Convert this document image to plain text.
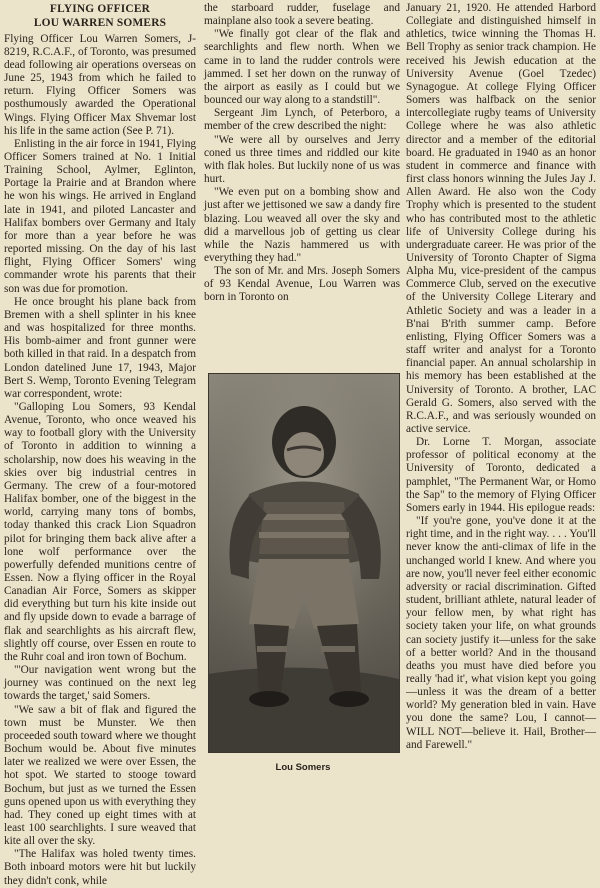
FLYING OFFICER
LOU WARREN SOMERS

Flying Officer Lou Warren Somers, J-8219, R.C.A.F., of Toronto, was presumed dead following air operations overseas on June 25, 1943 from which he failed to return. Flying Officer Somers was posthumously awarded the Operational Wings. Flying Officer Max Shvemar lost his life in the same action (See P. 71).

Enlisting in the air force in 1941, Flying Officer Somers trained at No. 1 Initial Training School, Aylmer, Eglinton, Portage la Prairie and at Brandon where he won his wings. He arrived in England late in 1941, and piloted Lancaster and Halifax bombers over Germany and Italy for more than a year before he was reported missing. On the day of his last flight, Flying Officer Somers' wing commander wrote his parents that their son was due for promotion.

He once brought his plane back from Bremen with a shell splinter in his knee and was hospitalized for three months. His bomb-aimer and front gunner were both killed in that raid. In a despatch from London datelined June 17, 1943, Major Bert S. Wemp, Toronto Evening Telegram war correspondent, wrote:

"Galloping Lou Somers, 93 Kendal Avenue, Toronto, who once weaved his way to football glory with the University of Toronto in addition to winning a scholarship, now does his weaving in the skies over big industrial centres in Germany. The crew of a four-motored Halifax bomber, one of the biggest in the world, carrying many tons of bombs, today thanked this crack Lion Squadron pilot for bringing them back alive after a lone wolf performance over the powerfully defended munitions centre of Essen. Now a flying officer in the Royal Canadian Air Force, Somers as skipper did everything but turn his kite inside out and fly upside down to evade a barrage of flak and searchlights as his aircraft flew, slightly off course, over Essen en route to the Ruhr coal and iron town of Bochum.

"'Our navigation went wrong but the journey was continued on the next leg towards the target,' said Somers.

"We saw a bit of flak and figured the town must be Munster. We then proceeded south toward where we thought Bochum would be. About five minutes later we realized we were over Essen, the hot spot. We started to stooge toward Bochum, but just as we turned the Essen guns opened upon us with everything they had. They coned up eight times with at least 100 searchlights. I sure weaved that kite all over the sky.

"The Halifax was holed twenty times. Both inboard motors were hit but luckily they didn't conk, while

the starboard rudder, fuselage and mainplane also took a severe beating.

"We finally got clear of the flak and searchlights and flew north. When we came in to land the rudder controls were jammed. I set her down on the runway of the airport as easily as I could but we bounced our way along to a standstill".

Sergeant Jim Lynch, of Peterboro, a member of the crew described the night:

"We were all by ourselves and Jerry coned us three times and riddled our kite with flak holes. But luckily none of us was hurt.

"We even put on a bombing show and just after we jettisoned we saw a dandy fire blazing. Lou weaved all over the sky and did a marvellous job of getting us clear while the Nazis hammered us with everything they had."

The son of Mr. and Mrs. Joseph Somers of 93 Kendal Avenue, Lou Warren was born in Toronto on

Lou Somers

January 21, 1920. He attended Harbord Collegiate and distinguished himself in athletics, twice winning the Thomas H. Bell Trophy as senior track champion. He received his Jewish education at the University Avenue (Goel Tzedec) Synagogue. At college Flying Officer Somers was halfback on the senior intercollegiate rugby teams of University College where he was also athletic director and a member of the editorial board. He graduated in 1940 as an honor student in commerce and finance with first class honors winning the Jules Jay J. Allen Award. He also won the Cody Trophy which is presented to the student who has contributed most to the athletic life of University College during his undergraduate career. He was prior of the University of Toronto Chapter of Sigma Alpha Mu, vice-president of the campus Commerce Club, served on the executive of the University College Literary and Athletic Society and was a leader in a B'nai B'rith summer camp. Before enlisting, Flying Officer Somers was a staff writer and analyst for a Toronto financial paper. An annual scholarship in his memory has been established at the University of Toronto. A brother, LAC Gerald G. Somers, also served with the R.C.A.F., and was seriously wounded on active service.

Dr. Lorne T. Morgan, associate professor of political economy at the University of Toronto, dedicated a pamphlet, "The Permanent War, or Homo the Sap" to the memory of Flying Officer Somers early in 1944. His epilogue reads:

"If you're gone, you've done it at the right time, and in the right way. . . . You'll never know the anti-climax of life in the unchanged world I knew. And where you are now, you'll never feel either economic adversity or racial discrimination. Gifted student, brilliant athlete, natural leader of your fellow men, by what right has society taken your life, on what grounds can society justify it—unless for the sake of a better world? And in the thousand deaths you must have died before you really 'had it', what vision kept you going—unless it was the dream of a better world? My generation bled in vain. Have you done the same? Lou, I cannot—WILL NOT—believe it. Hail, Brother—and Farewell."
